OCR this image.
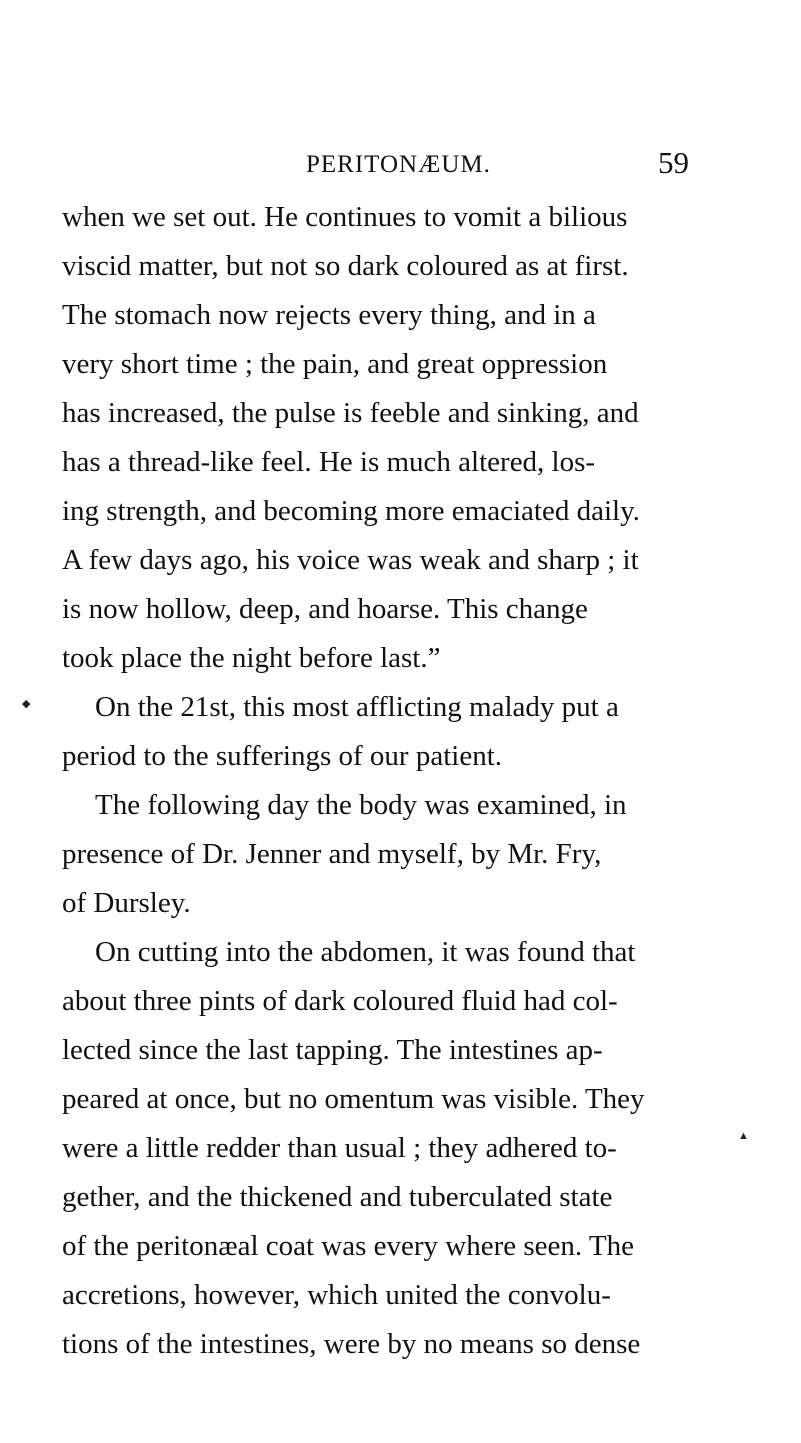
PERITONÆUM.	59
when we set out. He continues to vomit a bilious
viscid matter, but not so dark coloured as at first.
The stomach now rejects every thing, and in a
very short time ; the pain, and great oppression
has increased, the pulse is feeble and sinking, and
has a thread-like feel. He is much altered, los-
ing strength, and becoming more emaciated daily.
A few days ago, his voice was weak and sharp ; it
is now hollow, deep, and hoarse. This change
took place the night before last.”
On the 21st, this most afflicting malady put a
period to the sufferings of our patient.
The following day the body was examined, in
presence of Dr. Jenner and myself, by Mr. Fry,
of Dursley.
On cutting into the abdomen, it was found that
about three pints of dark coloured fluid had col-
lected since the last tapping. The intestines ap-
peared at once, but no omentum was visible. They
were a little redder than usual ; they adhered to-
gether, and the thickened and tuberculated state
of the peritonæal coat was every where seen. The
accretions, however, which united the convolu-
tions of the intestines, were by no means so dense
◆
▲
